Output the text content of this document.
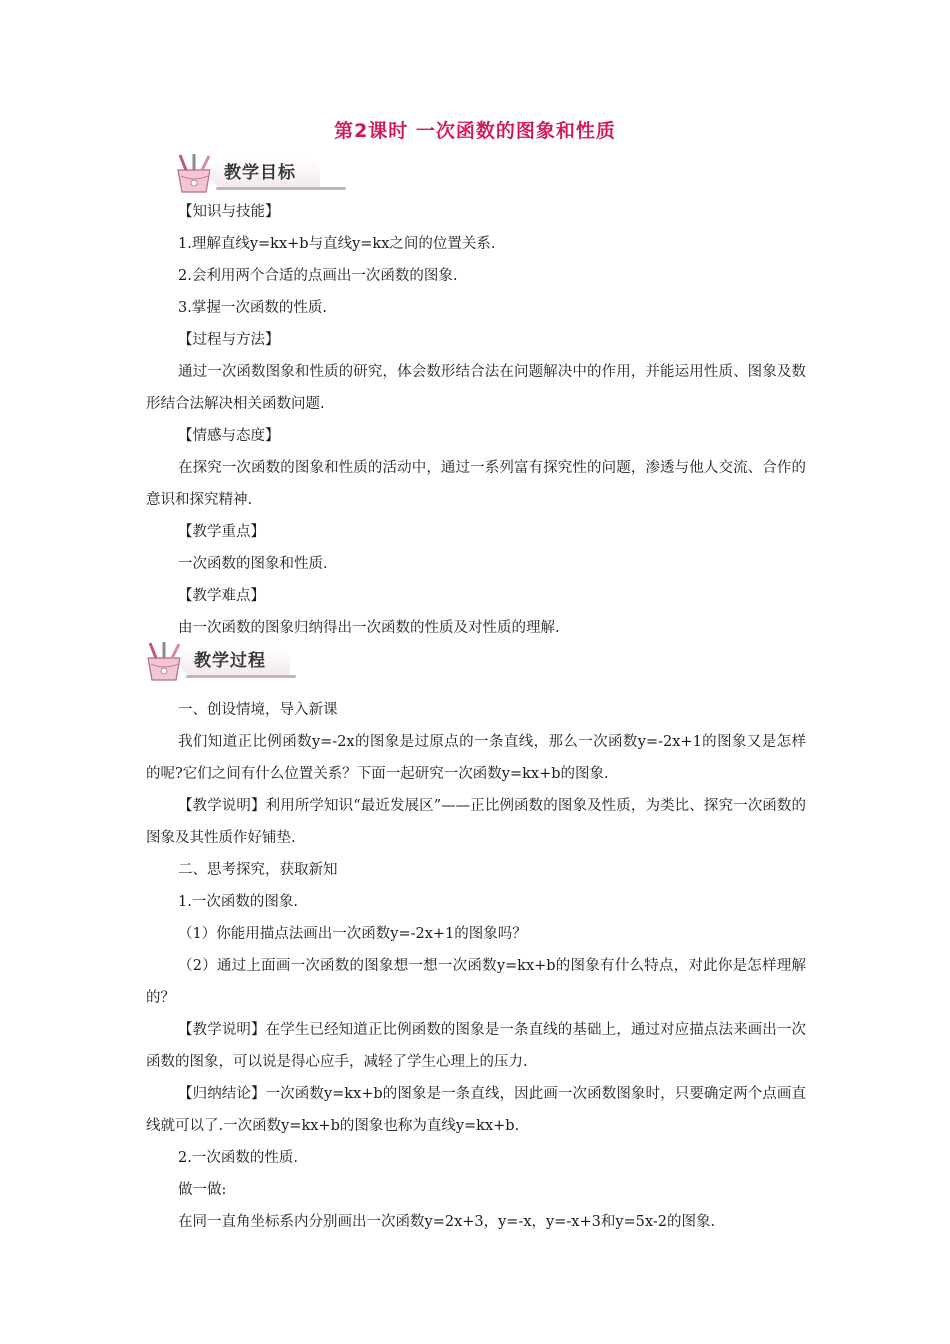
第2课时 一次函数的图象和性质
教学目标

【知识与技能】

1.理解直线y=kx+b与直线y=kx之间的位置关系.

2.会利用两个合适的点画出一次函数的图象.

3.掌握一次函数的性质.

【过程与方法】

通过一次函数图象和性质的研究，体会数形结合法在问题解决中的作用，并能运用性质、图象及数形结合法解决相关函数问题.

【情感与态度】

在探究一次函数的图象和性质的活动中，通过一系列富有探究性的问题，渗透与他人交流、合作的意识和探究精神.

【教学重点】

一次函数的图象和性质.

【教学难点】

由一次函数的图象归纳得出一次函数的性质及对性质的理解.

一、创设情境，导入新课

我们知道正比例函数y=-2x的图象是过原点的一条直线，那么一次函数y=-2x+1的图象又是怎样的呢?它们之间有什么位置关系？下面一起研究一次函数y=kx+b的图象.

【教学说明】利用所学知识“最近发展区”——正比例函数的图象及性质，为类比、探究一次函数的图象及其性质作好铺垫.

二、思考探究，获取新知

1.一次函数的图象.

（1）你能用描点法画出一次函数y=-2x+1的图象吗？

（2）通过上面画一次函数的图象想一想一次函数y=kx+b的图象有什么特点，对此你是怎样理解的？

【教学说明】在学生已经知道正比例函数的图象是一条直线的基础上，通过对应描点法来画出一次函数的图象，可以说是得心应手，减轻了学生心理上的压力.

【归纳结论】一次函数y=kx+b的图象是一条直线，因此画一次函数图象时，只要确定两个点画直线就可以了.一次函数y=kx+b的图象也称为直线y=kx+b.

2.一次函数的性质.

做一做:

在同一直角坐标系内分别画出一次函数y=2x+3，y=-x，y=-x+3和y=5x-2的图象.

教学过程
